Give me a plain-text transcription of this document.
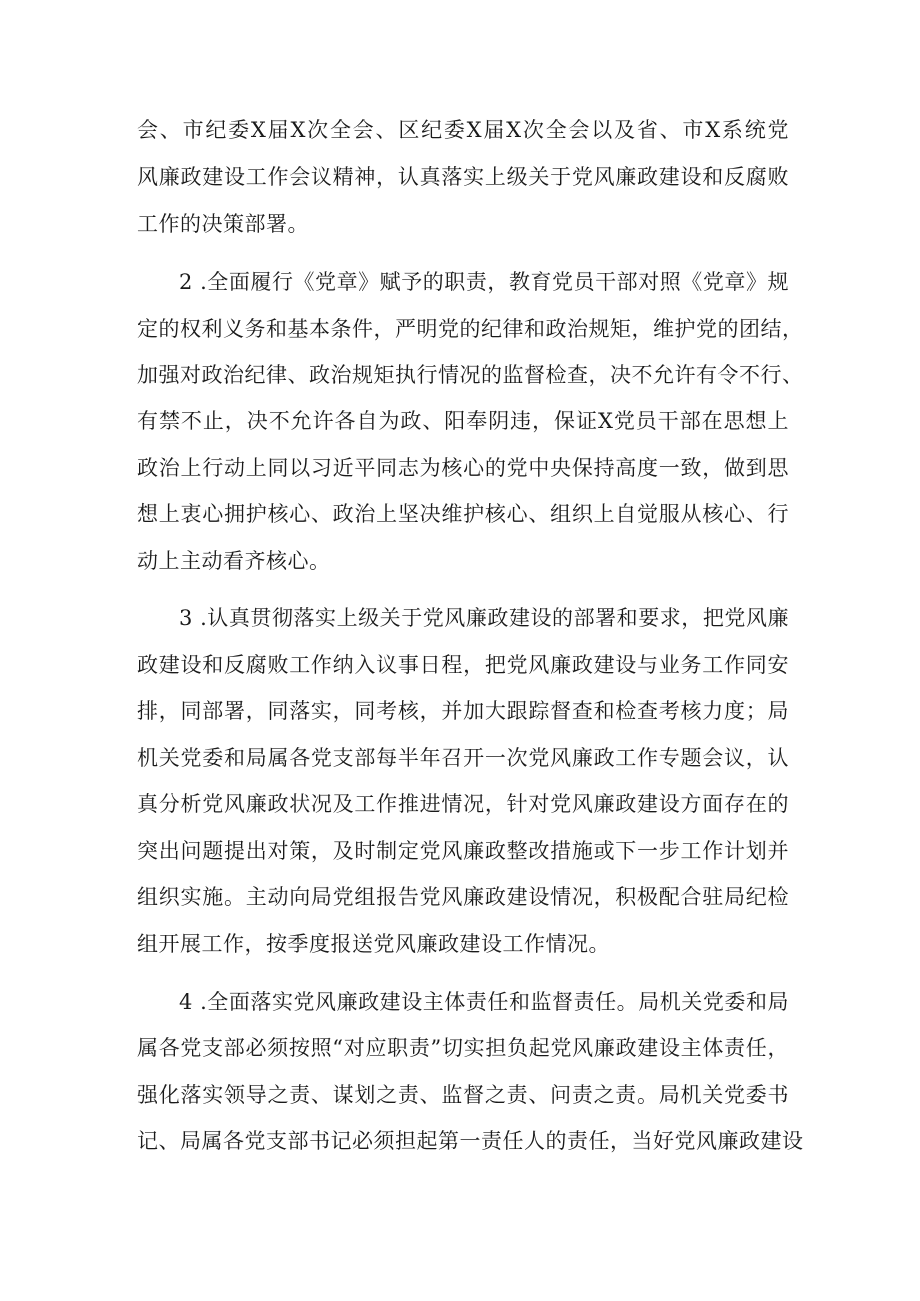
会、市纪委X届X次全会、区纪委X届X次全会以及省、市X系统党
风廉政建设工作会议精神，认真落实上级关于党风廉政建设和反腐败
工作的决策部署。
2 .全面履行《党章》赋予的职责，教育党员干部对照《党章》规
定的权利义务和基本条件，严明党的纪律和政治规矩，维护党的团结，
加强对政治纪律、政治规矩执行情况的监督检查，决不允许有令不行、
有禁不止，决不允许各自为政、阳奉阴违，保证X党员干部在思想上
政治上行动上同以习近平同志为核心的党中央保持高度一致，做到思
想上衷心拥护核心、政治上坚决维护核心、组织上自觉服从核心、行
动上主动看齐核心。
3 .认真贯彻落实上级关于党风廉政建设的部署和要求，把党风廉
政建设和反腐败工作纳入议事日程，把党风廉政建设与业务工作同安
排，同部署，同落实，同考核，并加大跟踪督查和检查考核力度；局
机关党委和局属各党支部每半年召开一次党风廉政工作专题会议，认
真分析党风廉政状况及工作推进情况，针对党风廉政建设方面存在的
突出问题提出对策，及时制定党风廉政整改措施或下一步工作计划并
组织实施。主动向局党组报告党风廉政建设情况，积极配合驻局纪检
组开展工作，按季度报送党风廉政建设工作情况。
4 .全面落实党风廉政建设主体责任和监督责任。局机关党委和局
属各党支部必须按照“对应职责”切实担负起党风廉政建设主体责任，
强化落实领导之责、谋划之责、监督之责、问责之责。局机关党委书
记、局属各党支部书记必须担起第一责任人的责任，当好党风廉政建设
